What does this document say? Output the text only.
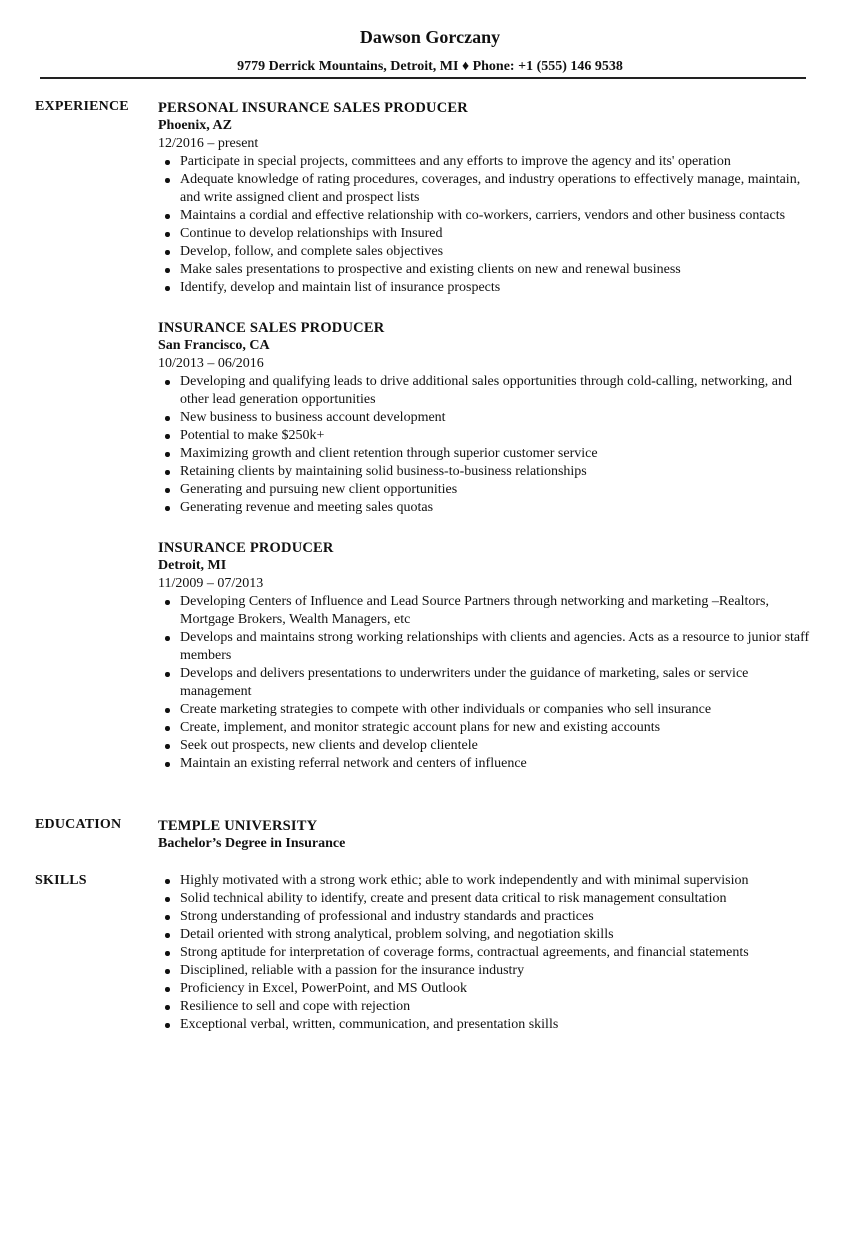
Dawson Gorczany
9779 Derrick Mountains, Detroit, MI ♦ Phone: +1 (555) 146 9538
EXPERIENCE PERSONAL INSURANCE SALES PRODUCER
Phoenix, AZ
12/2016 – present
Participate in special projects, committees and any efforts to improve the agency and its' operation
Adequate knowledge of rating procedures, coverages, and industry operations to effectively manage, maintain, and write assigned client and prospect lists
Maintains a cordial and effective relationship with co-workers, carriers, vendors and other business contacts
Continue to develop relationships with Insured
Develop, follow, and complete sales objectives
Make sales presentations to prospective and existing clients on new and renewal business
Identify, develop and maintain list of insurance prospects
INSURANCE SALES PRODUCER
San Francisco, CA
10/2013 – 06/2016
Developing and qualifying leads to drive additional sales opportunities through cold-calling, networking, and other lead generation opportunities
New business to business account development
Potential to make $250k+
Maximizing growth and client retention through superior customer service
Retaining clients by maintaining solid business-to-business relationships
Generating and pursuing new client opportunities
Generating revenue and meeting sales quotas
INSURANCE PRODUCER
Detroit, MI
11/2009 – 07/2013
Developing Centers of Influence and Lead Source Partners through networking and marketing –Realtors, Mortgage Brokers, Wealth Managers, etc
Develops and maintains strong working relationships with clients and agencies. Acts as a resource to junior staff members
Develops and delivers presentations to underwriters under the guidance of marketing, sales or service management
Create marketing strategies to compete with other individuals or companies who sell insurance
Create, implement, and monitor strategic account plans for new and existing accounts
Seek out prospects, new clients and develop clientele
Maintain an existing referral network and centers of influence
EDUCATION	TEMPLE UNIVERSITY
Bachelor’s Degree in Insurance
SKILLS	Highly motivated with a strong work ethic; able to work independently and with minimal supervision
Solid technical ability to identify, create and present data critical to risk management consultation
Strong understanding of professional and industry standards and practices
Detail oriented with strong analytical, problem solving, and negotiation skills
Strong aptitude for interpretation of coverage forms, contractual agreements, and financial statements
Disciplined, reliable with a passion for the insurance industry
Proficiency in Excel, PowerPoint, and MS Outlook
Resilience to sell and cope with rejection
Exceptional verbal, written, communication, and presentation skills
